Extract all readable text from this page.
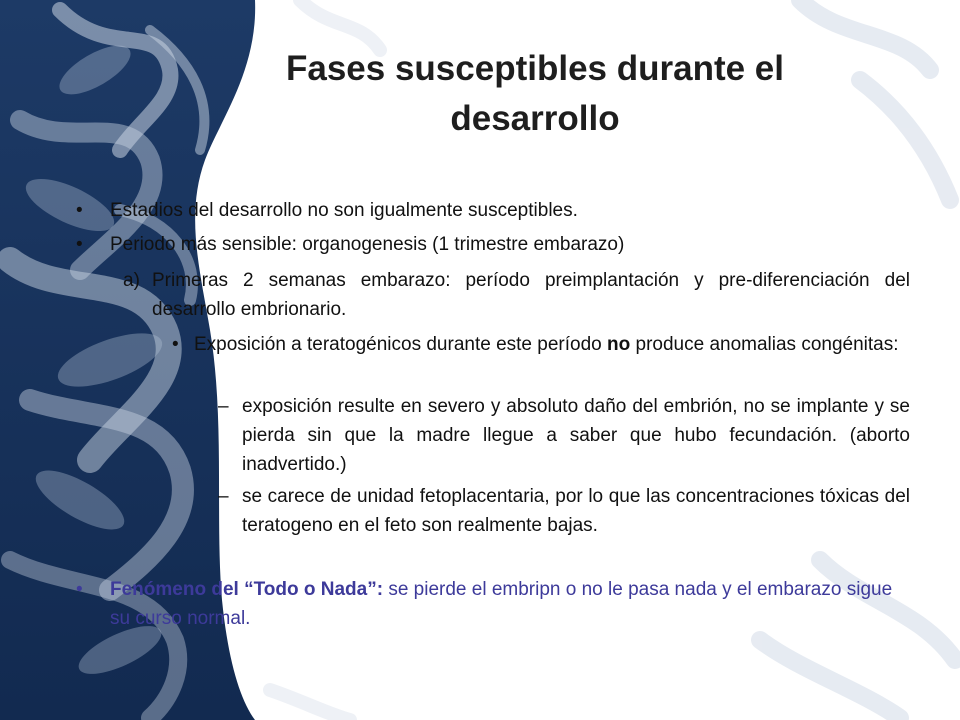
Fases susceptibles durante el desarrollo
• Estadios del desarrollo no son igualmente susceptibles.
• Periodo más sensible: organogenesis (1 trimestre embarazo)
a) Primeras 2 semanas embarazo: período preimplantación y pre-diferenciación del desarrollo embrionario.
• Exposición a teratogénicos durante este período no produce anomalias congénitas:
– exposición resulte en severo y absoluto daño del embrión, no se implante y se pierda sin que la madre llegue a saber que hubo fecundación. (aborto inadvertido.)
– se carece de unidad fetoplacentaria, por lo que las concentraciones tóxicas del teratogeno en el feto son realmente bajas.
• Fenómeno del “Todo o Nada”: se pierde el embripn o no le pasa nada y el embarazo sigue su curso normal.
